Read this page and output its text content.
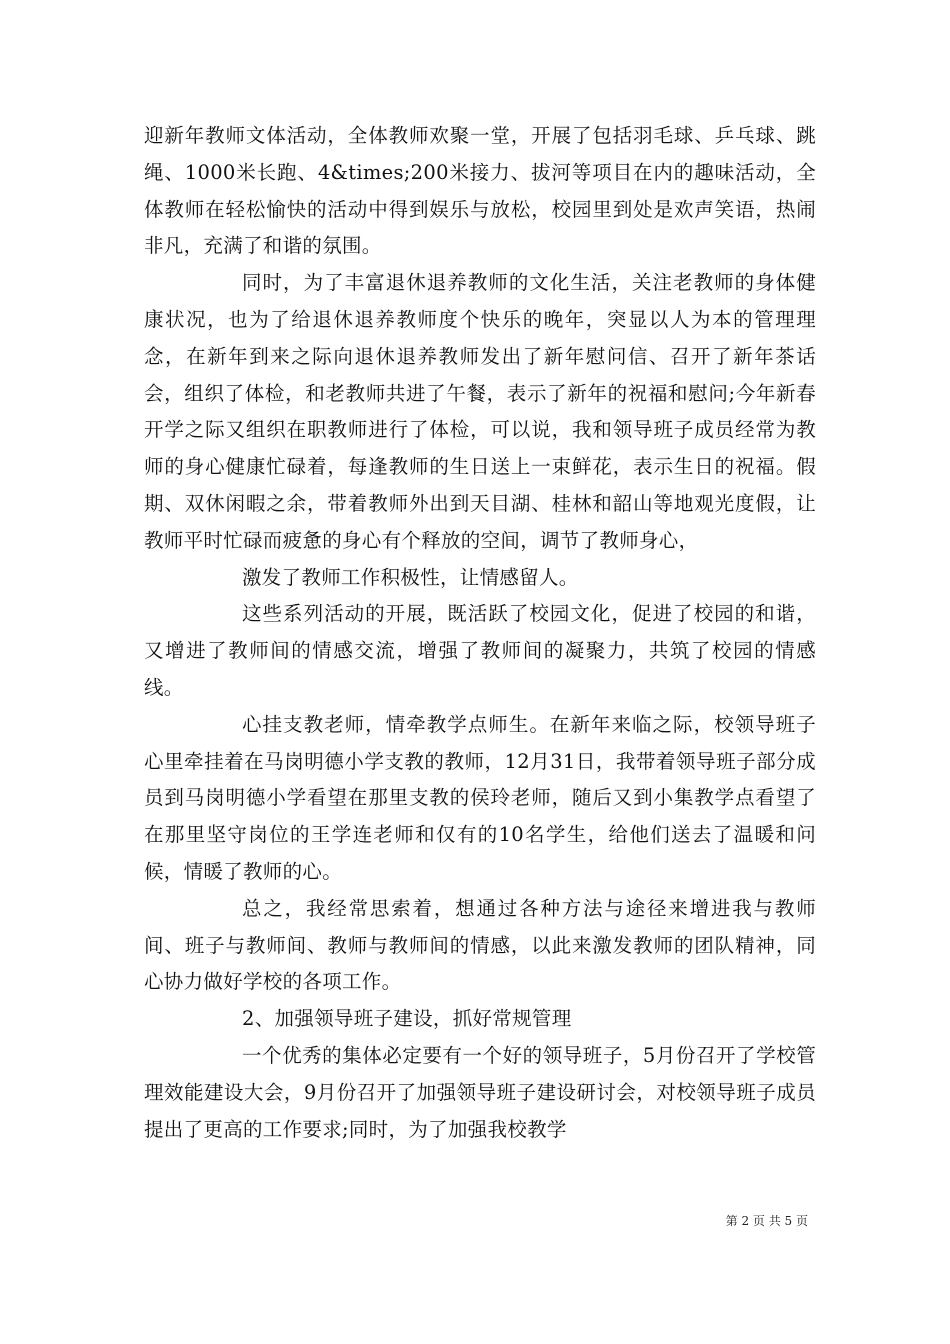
迎新年教师文体活动，全体教师欢聚一堂，开展了包括羽毛球、乒乓球、跳绳、1000米长跑、4&times;200米接力、拔河等项目在内的趣味活动，全体教师在轻松愉快的活动中得到娱乐与放松，校园里到处是欢声笑语，热闹非凡，充满了和谐的氛围。

同时，为了丰富退休退养教师的文化生活，关注老教师的身体健康状况，也为了给退休退养教师度个快乐的晚年，突显以人为本的管理理念，在新年到来之际向退休退养教师发出了新年慰问信、召开了新年茶话会，组织了体检，和老教师共进了午餐，表示了新年的祝福和慰问;今年新春开学之际又组织在职教师进行了体检，可以说，我和领导班子成员经常为教师的身心健康忙碌着，每逢教师的生日送上一束鲜花，表示生日的祝福。假期、双休闲暇之余，带着教师外出到天目湖、桂林和韶山等地观光度假，让教师平时忙碌而疲惫的身心有个释放的空间，调节了教师身心，

激发了教师工作积极性，让情感留人。

这些系列活动的开展，既活跃了校园文化，促进了校园的和谐，又增进了教师间的情感交流，增强了教师间的凝聚力，共筑了校园的情感线。

心挂支教老师，情牵教学点师生。在新年来临之际，校领导班子心里牵挂着在马岗明德小学支教的教师，12月31日，我带着领导班子部分成员到马岗明德小学看望在那里支教的侯玲老师，随后又到小集教学点看望了在那里坚守岗位的王学连老师和仅有的10名学生，给他们送去了温暖和问候，情暖了教师的心。

总之，我经常思索着，想通过各种方法与途径来增进我与教师间、班子与教师间、教师与教师间的情感，以此来激发教师的团队精神，同心协力做好学校的各项工作。

2、加强领导班子建设，抓好常规管理

一个优秀的集体必定要有一个好的领导班子，5月份召开了学校管理效能建设大会，9月份召开了加强领导班子建设研讨会，对校领导班子成员提出了更高的工作要求;同时，为了加强我校教学

第 2 页 共 5 页
